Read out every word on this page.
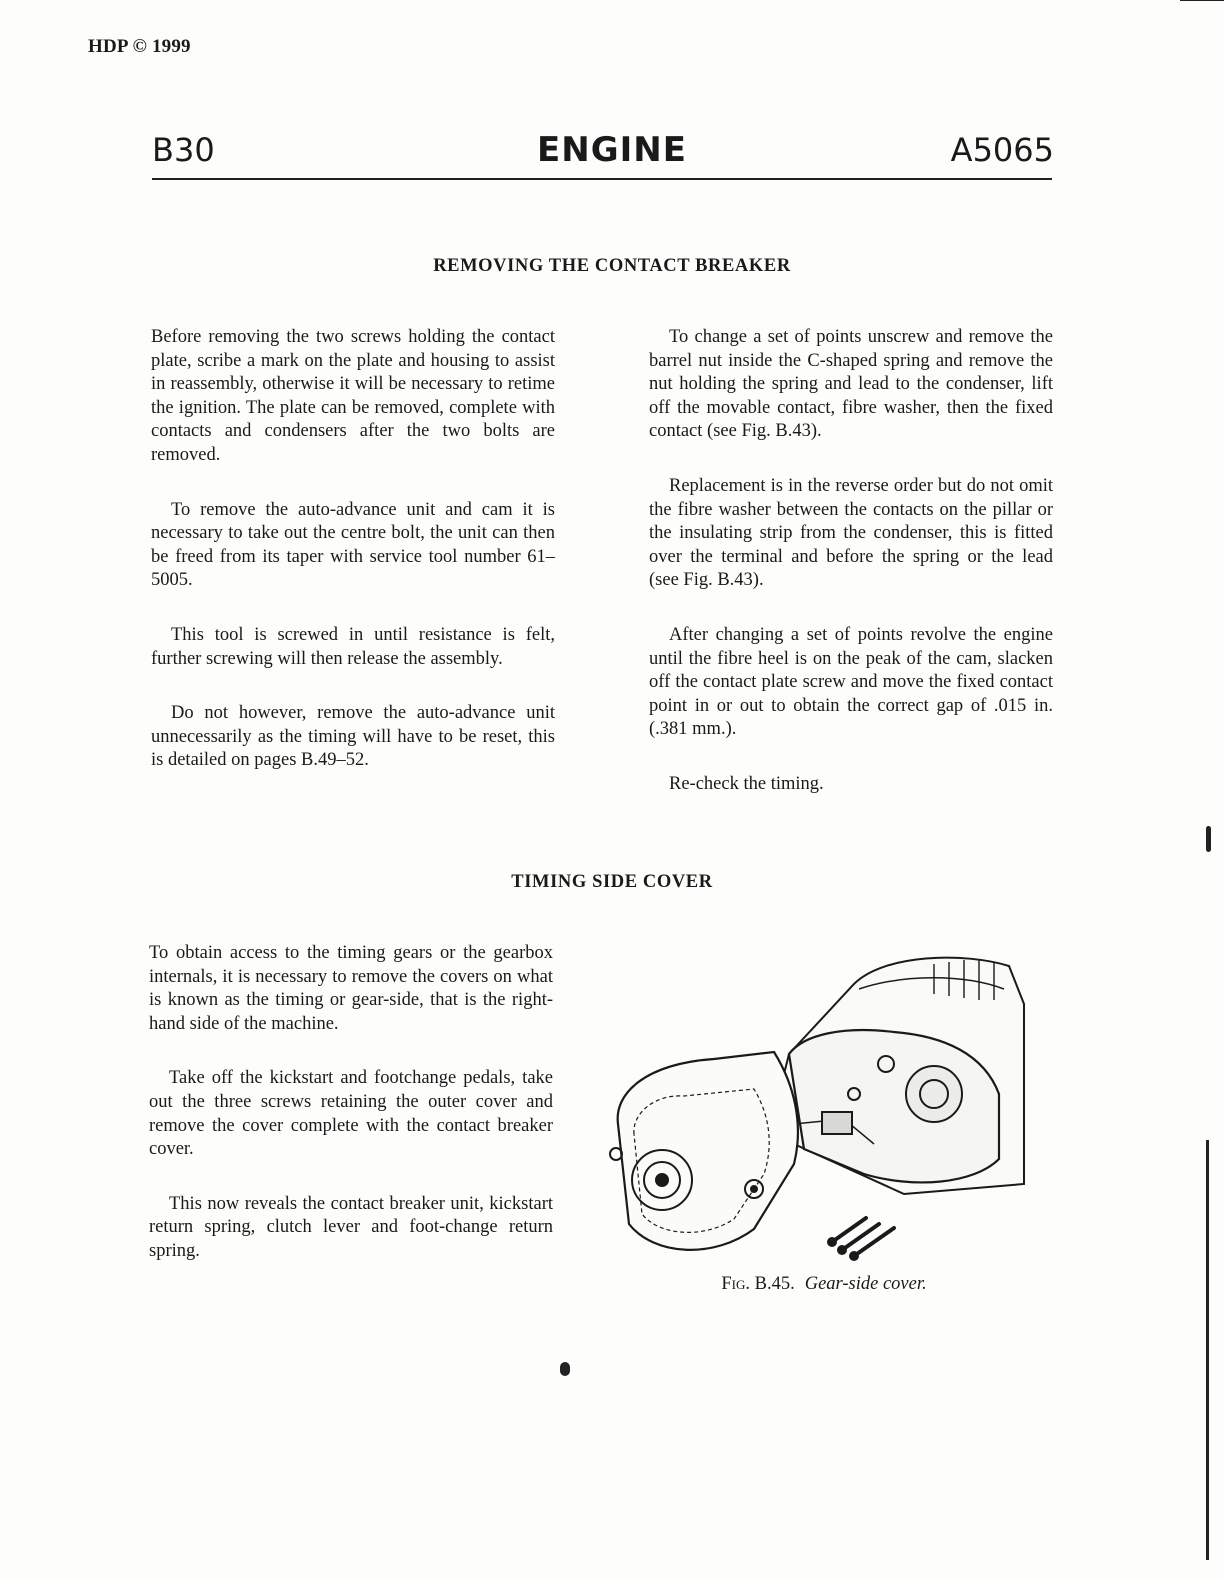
HDP © 1999
B30	ENGINE	A5065
REMOVING THE CONTACT BREAKER

Before removing the two screws holding the contact plate, scribe a mark on the plate and housing to assist in reassembly, otherwise it will be necessary to retime the ignition. The plate can be removed, complete with contacts and condensers after the two bolts are removed.

To remove the auto-advance unit and cam it is necessary to take out the centre bolt, the unit can then be freed from its taper with service tool number 61–5005.

This tool is screwed in until resistance is felt, further screwing will then release the assembly.

Do not however, remove the auto-advance unit unnecessarily as the timing will have to be reset, this is detailed on pages B.49–52.

To change a set of points unscrew and remove the barrel nut inside the C-shaped spring and remove the nut holding the spring and lead to the condenser, lift off the movable contact, fibre washer, then the fixed contact (see Fig. B.43).

Replacement is in the reverse order but do not omit the fibre washer between the contacts on the pillar or the insulating strip from the condenser, this is fitted over the terminal and before the spring or the lead (see Fig. B.43).

After changing a set of points revolve the engine until the fibre heel is on the peak of the cam, slacken off the contact plate screw and move the fixed contact point in or out to obtain the correct gap of .015 in. (.381 mm.).

Re-check the timing.

TIMING SIDE COVER

To obtain access to the timing gears or the gearbox internals, it is necessary to remove the covers on what is known as the timing or gear-side, that is the right-hand side of the machine.

Take off the kickstart and footchange pedals, take out the three screws retaining the outer cover and remove the cover complete with the contact breaker cover.

This now reveals the contact breaker unit, kickstart return spring, clutch lever and foot-change return spring.

Fig. B.45. Gear-side cover.
